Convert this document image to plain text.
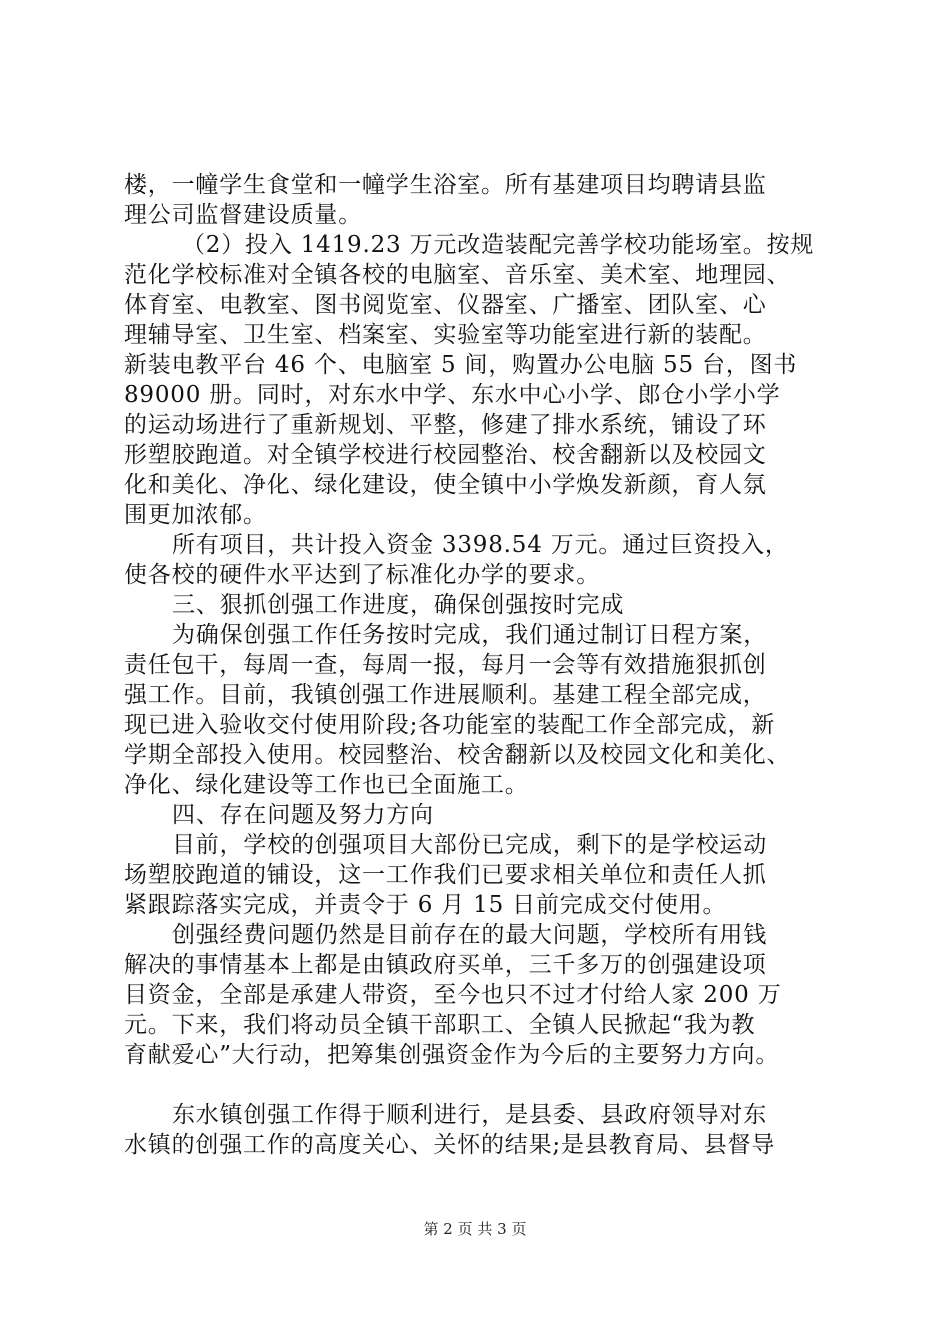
楼，一幢学生食堂和一幢学生浴室。所有基建项目均聘请县监
理公司监督建设质量。
（2）投入 1419.23 万元改造装配完善学校功能场室。按规
范化学校标准对全镇各校的电脑室、音乐室、美术室、地理园、
体育室、电教室、图书阅览室、仪器室、广播室、团队室、心
理辅导室、卫生室、档案室、实验室等功能室进行新的装配。
新装电教平台 46 个、电脑室 5 间，购置办公电脑 55 台，图书
89000 册。同时，对东水中学、东水中心小学、郎仓小学小学
的运动场进行了重新规划、平整，修建了排水系统，铺设了环
形塑胶跑道。对全镇学校进行校园整治、校舍翻新以及校园文
化和美化、净化、绿化建设，使全镇中小学焕发新颜，育人氛
围更加浓郁。
所有项目，共计投入资金 3398.54 万元。通过巨资投入，
使各校的硬件水平达到了标准化办学的要求。
三、狠抓创强工作进度，确保创强按时完成
为确保创强工作任务按时完成，我们通过制订日程方案，
责任包干，每周一查，每周一报，每月一会等有效措施狠抓创
强工作。目前，我镇创强工作进展顺利。基建工程全部完成，
现已进入验收交付使用阶段;各功能室的装配工作全部完成，新
学期全部投入使用。校园整治、校舍翻新以及校园文化和美化、
净化、绿化建设等工作也已全面施工。
四、存在问题及努力方向
目前，学校的创强项目大部份已完成，剩下的是学校运动
场塑胶跑道的铺设，这一工作我们已要求相关单位和责任人抓
紧跟踪落实完成，并责令于 6 月 15 日前完成交付使用。
创强经费问题仍然是目前存在的最大问题，学校所有用钱
解决的事情基本上都是由镇政府买单，三千多万的创强建设项
目资金，全部是承建人带资，至今也只不过才付给人家 200 万
元。下来，我们将动员全镇干部职工、全镇人民掀起“我为教
育献爱心”大行动，把筹集创强资金作为今后的主要努力方向。
东水镇创强工作得于顺利进行，是县委、县政府领导对东
水镇的创强工作的高度关心、关怀的结果;是县教育局、县督导
第 2 页 共 3 页
